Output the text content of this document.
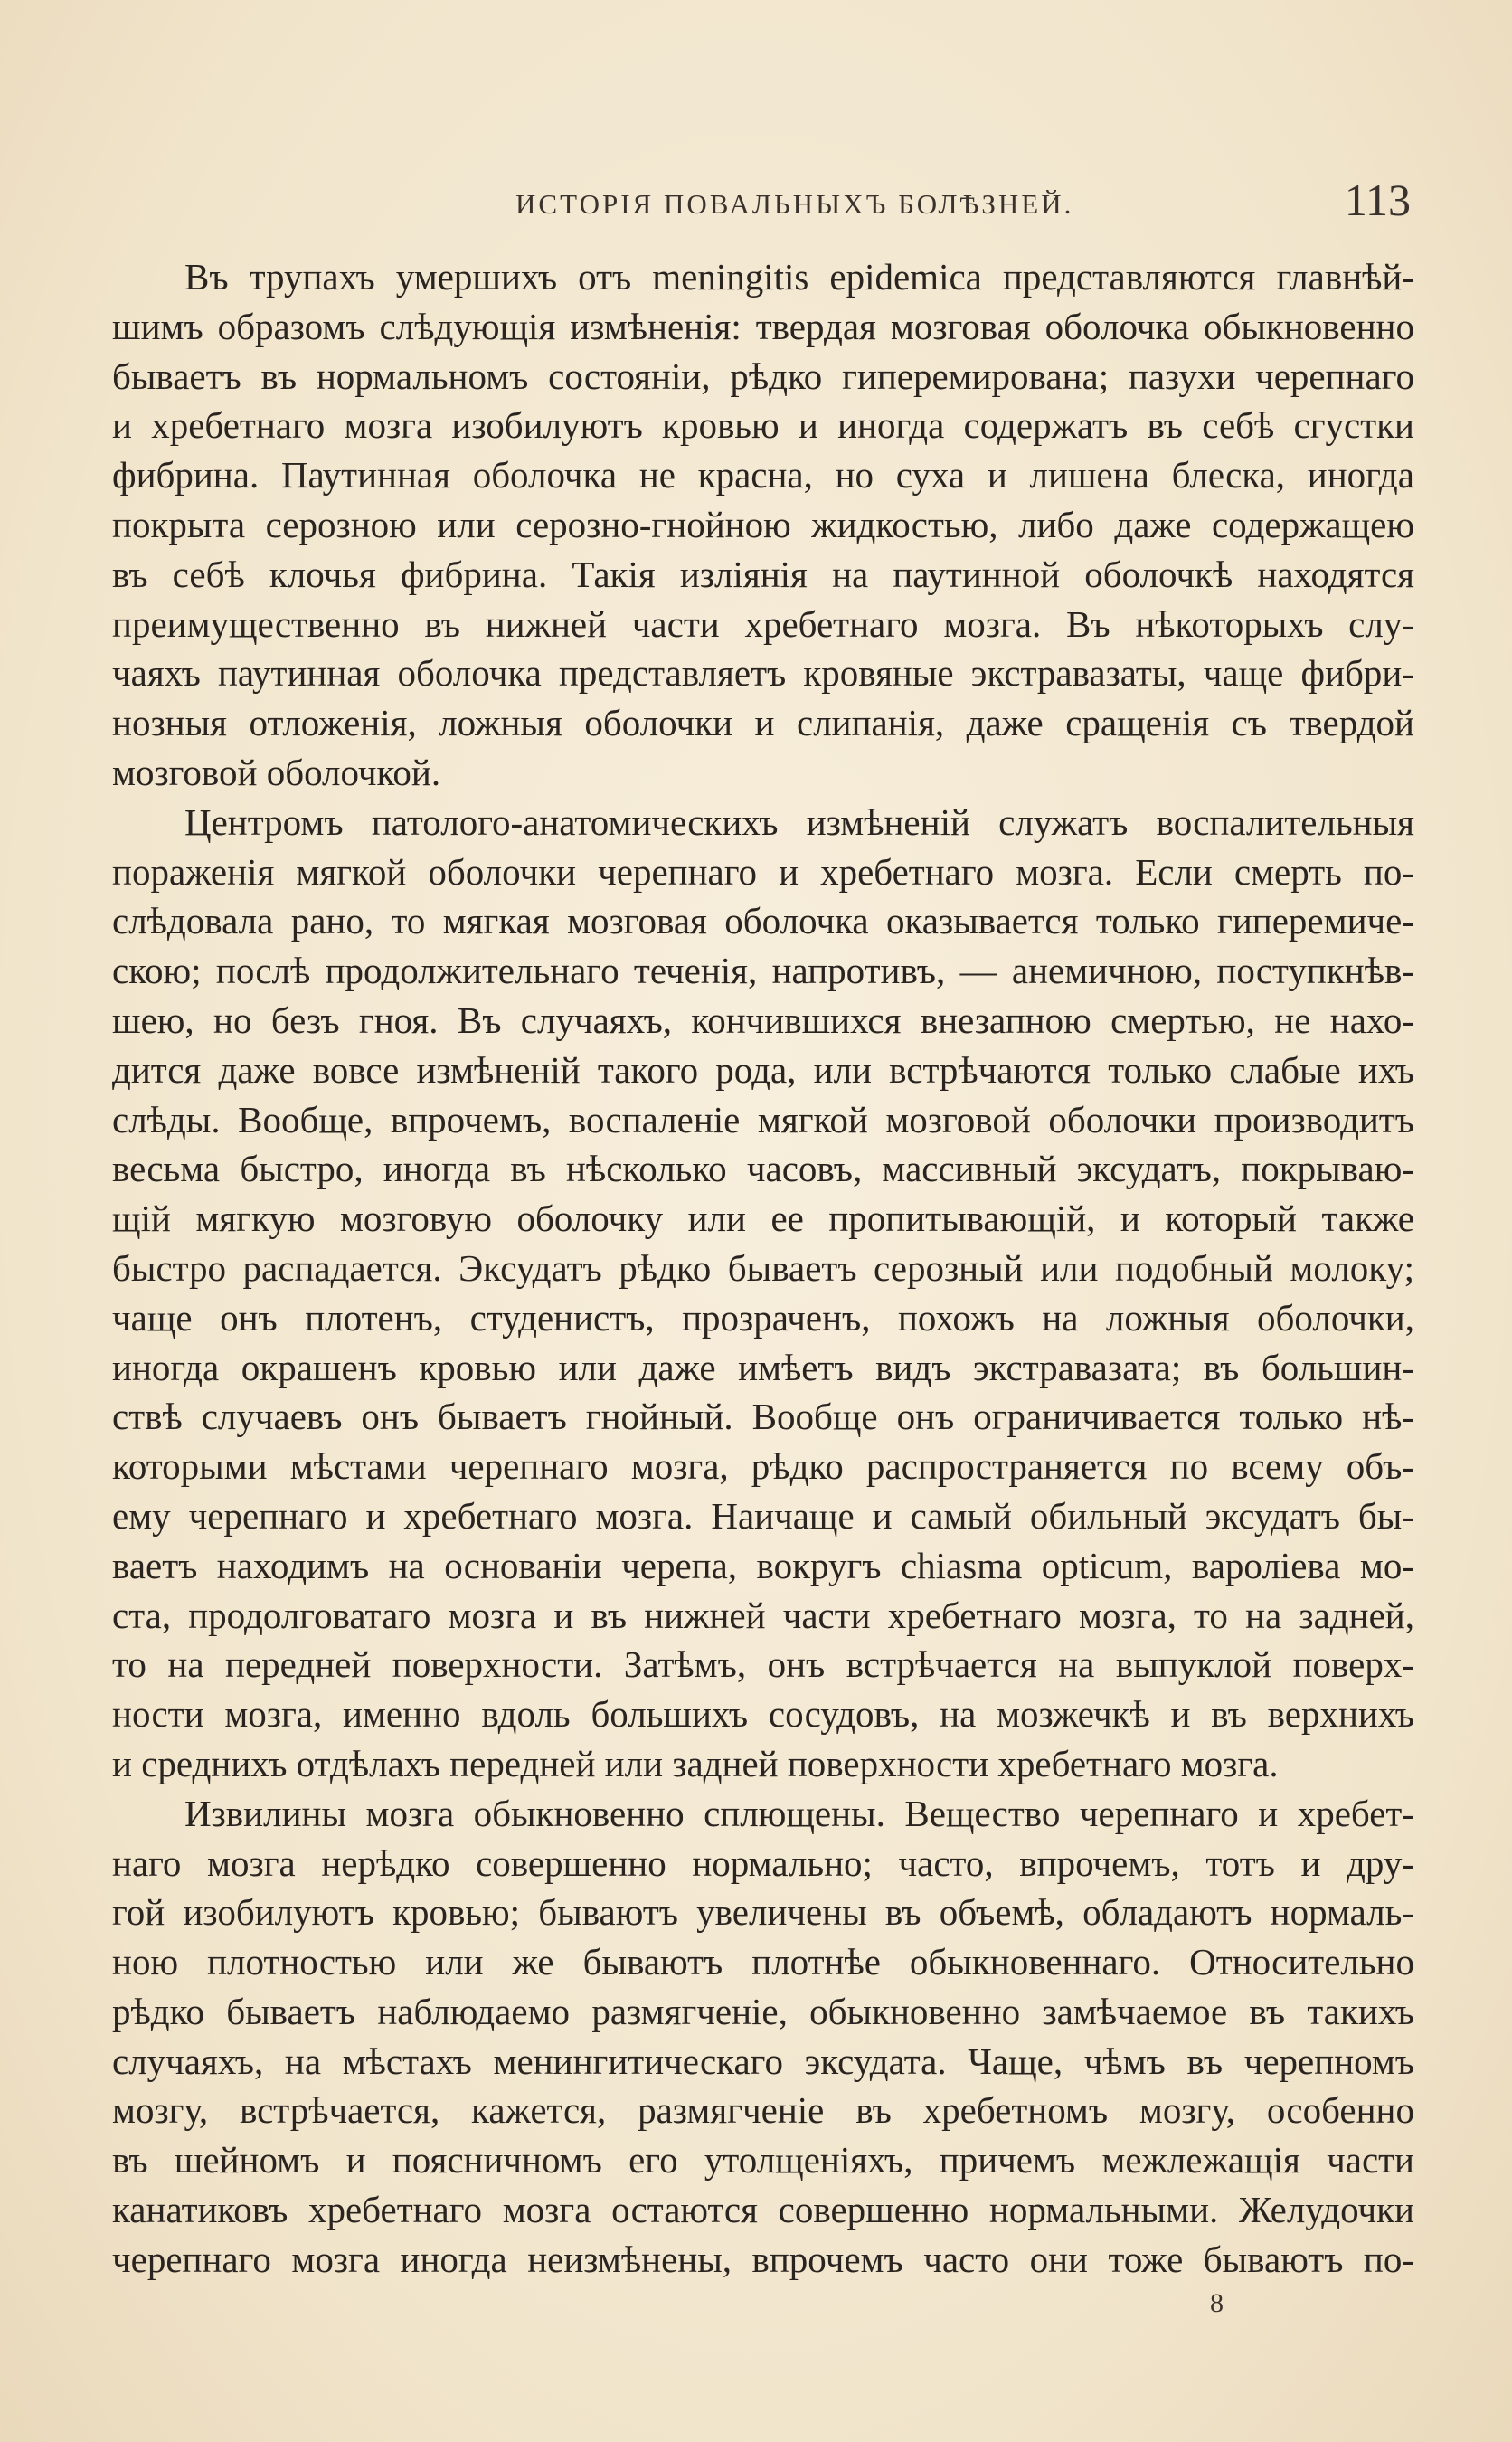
ИСТОРІЯ ПОВАЛЬНЫХЪ БОЛѢЗНЕЙ.	113
Въ трупахъ умершихъ отъ meningitis epidemica представляются главнѣй-
шимъ образомъ слѣдующія измѣненія: твердая мозговая оболочка обыкновенно
бываетъ въ нормальномъ состояніи, рѣдко гиперемирована; пазухи черепнаго
и хребетнаго мозга изобилуютъ кровью и иногда содержатъ въ себѣ сгустки
фибрина. Паутинная оболочка не красна, но суха и лишена блеска, иногда
покрыта серозною или серозно-гнойною жидкостью, либо даже содержащею
въ себѣ клочья фибрина. Такія изліянія на паутинной оболочкѣ находятся
преимущественно въ нижней части хребетнаго мозга. Въ нѣкоторыхъ слу-
чаяхъ паутинная оболочка представляетъ кровяные экстравазаты, чаще фибри-
нозныя отложенія, ложныя оболочки и слипанія, даже сращенія съ твердой
мозговой оболочкой.
Центромъ патолого-анатомическихъ измѣненій служатъ воспалительныя
пораженія мягкой оболочки черепнаго и хребетнаго мозга. Если смерть по-
слѣдовала рано, то мягкая мозговая оболочка оказывается только гиперемиче-
скою; послѣ продолжительнаго теченія, напротивъ, — анемичною, поступкнѣв-
шею, но безъ гноя. Въ случаяхъ, кончившихся внезапною смертью, не нахо-
дится даже вовсе измѣненій такого рода, или встрѣчаются только слабые ихъ
слѣды. Вообще, впрочемъ, воспаленіе мягкой мозговой оболочки производитъ
весьма быстро, иногда въ нѣсколько часовъ, массивный эксудатъ, покрываю-
щій мягкую мозговую оболочку или ее пропитывающій, и который также
быстро распадается. Эксудатъ рѣдко бываетъ серозный или подобный молоку;
чаще онъ плотенъ, студенистъ, прозраченъ, похожъ на ложныя оболочки,
иногда окрашенъ кровью или даже имѣетъ видъ экстравазата; въ большин-
ствѣ случаевъ онъ бываетъ гнойный. Вообще онъ ограничивается только нѣ-
которыми мѣстами черепнаго мозга, рѣдко распространяется по всему объ-
ему черепнаго и хребетнаго мозга. Наичаще и самый обильный эксудатъ бы-
ваетъ находимъ на основаніи черепа, вокругъ chiasma opticum, вароліева мо-
ста, продолговатаго мозга и въ нижней части хребетнаго мозга, то на задней,
то на передней поверхности. Затѣмъ, онъ встрѣчается на выпуклой поверх-
ности мозга, именно вдоль большихъ сосудовъ, на мозжечкѣ и въ верхнихъ
и среднихъ отдѣлахъ передней или задней поверхности хребетнаго мозга.
Извилины мозга обыкновенно сплющены. Вещество черепнаго и хребет-
наго мозга нерѣдко совершенно нормально; часто, впрочемъ, тотъ и дру-
гой изобилуютъ кровью; бываютъ увеличены въ объемѣ, обладаютъ нормаль-
ною плотностью или же бываютъ плотнѣе обыкновеннаго. Относительно
рѣдко бываетъ наблюдаемо размягченіе, обыкновенно замѣчаемое въ такихъ
случаяхъ, на мѣстахъ менингитическаго эксудата. Чаще, чѣмъ въ черепномъ
мозгу, встрѣчается, кажется, размягченіе въ хребетномъ мозгу, особенно
въ шейномъ и поясничномъ его утолщеніяхъ, причемъ межлежащія части
канатиковъ хребетнаго мозга остаются совершенно нормальными. Желудочки
черепнаго мозга иногда неизмѣнены, впрочемъ часто они тоже бываютъ по-
8
